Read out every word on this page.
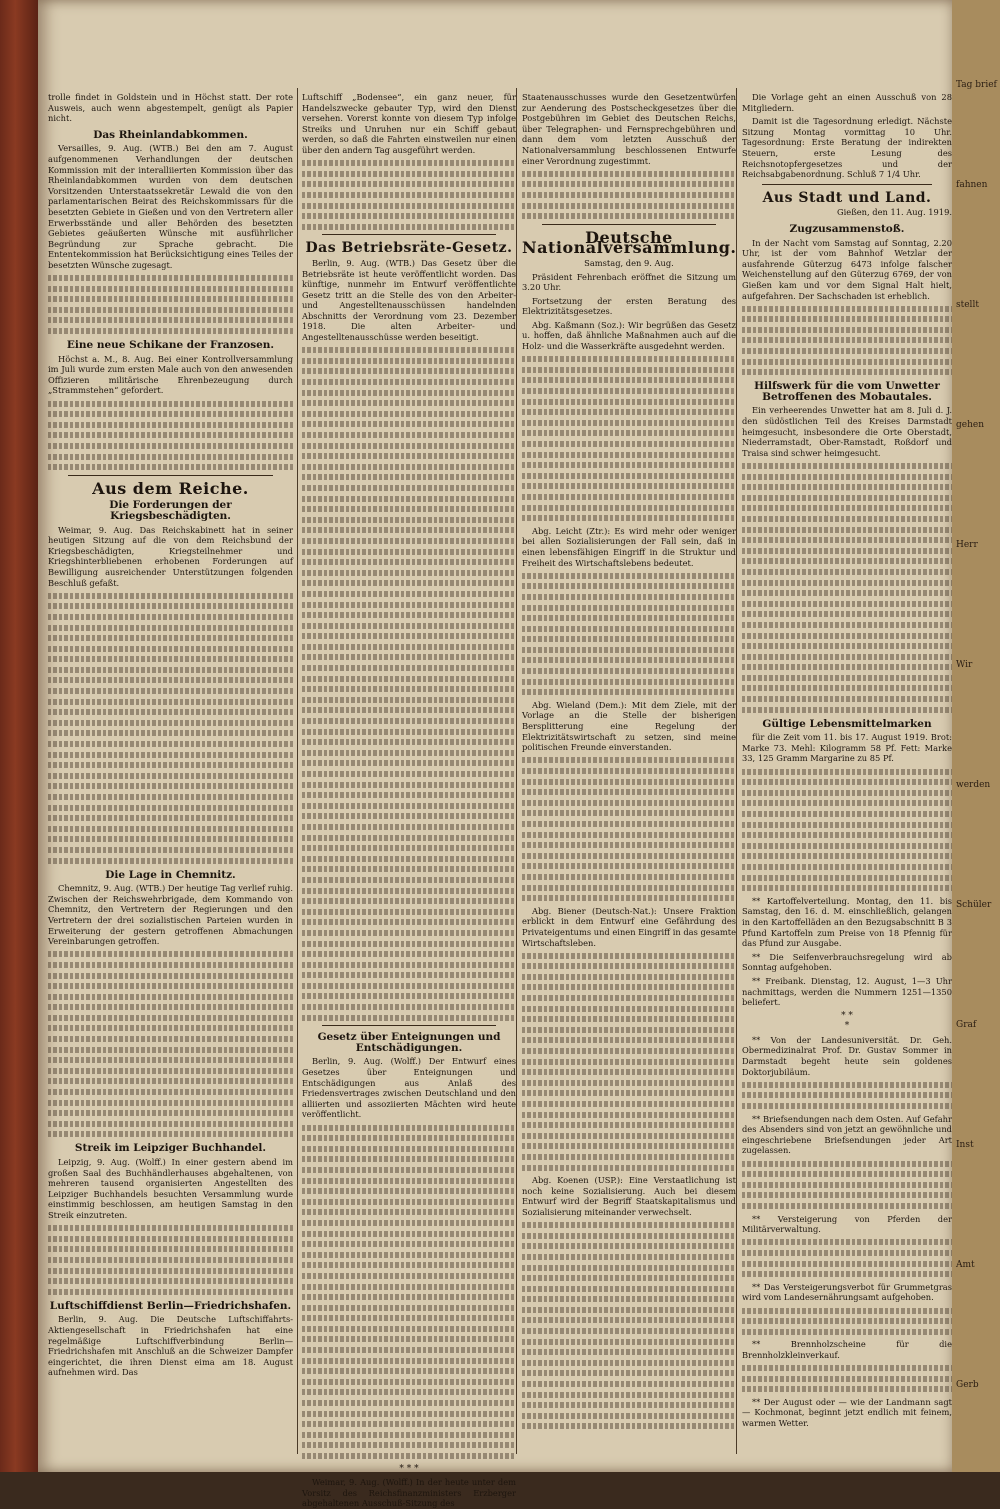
trolle findet in Goldstein und in Höchst statt. Der rote Ausweis, auch wenn abgestempelt, genügt als Papier nicht.

Das Rheinlandabkommen.

Versailles, 9. Aug. (WTB.) Bei den am 7. August aufgenommenen Verhandlungen der deutschen Kommission mit der interalliierten Kommission über das Rheinlandabkommen wurden von dem deutschen Vorsitzenden Unterstaatssekretär Lewald die von den parlamentarischen Beirat des Reichskommissars für die besetzten Gebiete in Gießen und von den Vertretern aller Erwerbsstände und aller Behörden des besetzten Gebietes geäußerten Wünsche mit ausführlicher Begründung zur Sprache gebracht. Die Ententekommission hat Berücksichtigung eines Teiles der besetzten Wünsche zugesagt.

Eine neue Schikane der Franzosen.

Höchst a. M., 8. Aug. Bei einer Kontrollversammlung im Juli wurde zum ersten Male auch von den anwesenden Offizieren militärische Ehrenbezeugung durch „Strammstehen“ gefordert.

Aus dem Reiche.
Die Forderungen der Kriegsbeschädigten.

Weimar, 9. Aug. Das Reichskabinett hat in seiner heutigen Sitzung auf die von dem Reichsbund der Kriegsbeschädigten, Kriegsteilnehmer und Kriegshinterbliebenen erhobenen Forderungen auf Bewilligung ausreichender Unterstützungen folgenden Beschluß gefaßt.

Die Lage in Chemnitz.

Chemnitz, 9. Aug. (WTB.) Der heutige Tag verlief ruhig. Zwischen der Reichswehrbrigade, dem Kommando von Chemnitz, den Vertretern der Regierungen und den Vertretern der drei sozialistischen Parteien wurden in Erweiterung der gestern getroffenen Abmachungen Vereinbarungen getroffen.

Streik im Leipziger Buchhandel.

Leipzig, 9. Aug. (Wolff.) In einer gestern abend im großen Saal des Buchhändlerhauses abgehaltenen, von mehreren tausend organisierten Angestellten des Leipziger Buchhandels besuchten Versammlung wurde einstimmig beschlossen, am heutigen Samstag in den Streik einzutreten.

Luftschiffdienst Berlin—Friedrichshafen.

Berlin, 9. Aug. Die Deutsche Luftschiffahrts-Aktiengesellschaft in Friedrichshafen hat eine regelmäßige Luftschiffverbindung Berlin—Friedrichshafen mit Anschluß an die Schweizer Dampfer eingerichtet, die ihren Dienst eima am 18. August aufnehmen wird. Das

Luftschiff „Bodensee“, ein ganz neuer, für Handelszwecke gebauter Typ, wird den Dienst versehen. Vorerst konnte von diesem Typ infolge Streiks und Unruhen nur ein Schiff gebaut werden, so daß die Fahrten einstweilen nur einen über den andern Tag ausgeführt werden.

Das Betriebsräte-Gesetz.

Berlin, 9. Aug. (WTB.) Das Gesetz über die Betriebsräte ist heute veröffentlicht worden. Das künftige, nunmehr im Entwurf veröffentlichte Gesetz tritt an die Stelle des von den Arbeiter- und Angestelltenausschüssen handelnden Abschnitts der Verordnung vom 23. Dezember 1918. Die alten Arbeiter- und Angestelltenausschüsse werden beseitigt.

Gesetz über Enteignungen und Entschädigungen.

Berlin, 9. Aug. (Wolff.) Der Entwurf eines Gesetzes über Enteignungen und Entschädigungen aus Anlaß des Friedensvertrages zwischen Deutschland und den alliierten und assoziierten Mächten wird heute veröffentlicht.

* * *

Weimar, 9. Aug. (Wolff.) In der heute unter dem Vorsitz des Reichsfinanzministers Erzberger abgehaltenen Ausschuß-Sitzung des

Staatenausschusses wurde den Gesetzentwürfen zur Aenderung des Postscheckgesetzes über die Postgebühren im Gebiet des Deutschen Reichs, über Telegraphen- und Fernsprechgebühren und dann dem vom letzten Ausschuß der Nationalversammlung beschlossenen Entwurfe einer Verordnung zugestimmt.

Deutsche Nationalversammlung.

Samstag, den 9. Aug.

Präsident Fehrenbach eröffnet die Sitzung um 3.20 Uhr.

Fortsetzung der ersten Beratung des Elektrizitätsgesetzes.

Abg. Kaßmann (Soz.): Wir begrüßen das Gesetz u. hoffen, daß ähnliche Maßnahmen auch auf die Holz- und die Wasserkräfte ausgedehnt werden.

Abg. Leicht (Ztr.): Es wird mehr oder weniger bei allen Sozialisierungen der Fall sein, daß in einen lebensfähigen Eingriff in die Struktur und Freiheit des Wirtschaftslebens bedeutet.

Abg. Wieland (Dem.): Mit dem Ziele, mit der Vorlage an die Stelle der bisherigen Bersplitterung eine Regelung der Elektrizitätswirtschaft zu setzen, sind meine politischen Freunde einverstanden.

Abg. Biener (Deutsch-Nat.): Unsere Fraktion erblickt in dem Entwurf eine Gefährdung des Privateigentums und einen Eingriff in das gesamte Wirtschaftsleben.

Abg. Koenen (USP.): Eine Verstaatlichung ist noch keine Sozialisierung. Auch bei diesem Entwurf wird der Begriff Staatskapitalismus und Sozialisierung miteinander verwechselt.

Die Vorlage geht an einen Ausschuß von 28 Mitgliedern.

Damit ist die Tagesordnung erledigt. Nächste Sitzung Montag vormittag 10 Uhr. Tagesordnung: Erste Beratung der indirekten Steuern, erste Lesung des Reichsnotopfergesetzes und der Reichsabgabenordnung. Schluß 7 1/4 Uhr.

Aus Stadt und Land.

Gießen, den 11. Aug. 1919.

Zugzusammenstoß.

In der Nacht vom Samstag auf Sonntag, 2.20 Uhr, ist der vom Bahnhof Wetzlar der ausfahrende Güterzug 6473 infolge falscher Weichenstellung auf den Güterzug 6769, der von Gießen kam und vor dem Signal Halt hielt, aufgefahren. Der Sachschaden ist erheblich.

Hilfswerk für die vom Unwetter Betroffenen des Mobautales.

Ein verheerendes Unwetter hat am 8. Juli d. J. den südöstlichen Teil des Kreises Darmstadt heimgesucht, insbesondere die Orte Oberstadt, Niederramstadt, Ober-Ramstadt, Roßdorf und Traisa sind schwer heimgesucht.

Gültige Lebensmittelmarken

für die Zeit vom 11. bis 17. August 1919. Brot: Marke 73. Mehl: Kilogramm 58 Pf. Fett: Marke 33, 125 Gramm Margarine zu 85 Pf.

** Kartoffelverteilung. Montag, den 11. bis Samstag, den 16. d. M. einschließlich, gelangen in den Kartoffelläden an den Bezugsabschnitt B 3 Pfund Kartoffeln zum Preise von 18 Pfennig für das Pfund zur Ausgabe.

** Die Seifenverbrauchsregelung wird ab Sonntag aufgehoben.

** Freibank. Dienstag, 12. August, 1—3 Uhr nachmittags, werden die Nummern 1251—1350 beliefert.

* *
*

** Von der Landesuniversität. Dr. Geh. Obermedizinalrat Prof. Dr. Gustav Sommer in Darmstadt begeht heute sein goldenes Doktorjubiläum.

** Briefsendungen nach dem Osten. Auf Gefahr des Absenders sind von jetzt an gewöhnliche und eingeschriebene Briefsendungen jeder Art zugelassen.

** Versteigerung von Pferden der Militärverwaltung.

** Das Versteigerungsverbot für Grummetgras wird vom Landesernährungsamt aufgehoben.

** Brennholzscheine für die Brennholzkleinverkauf.

** Der August oder — wie der Landmann sagt — Kochmonat, beginnt jetzt endlich mit feinem, warmen Wetter.

Tag brief
fahnen
stellt
gehen
Herr
Wir
werden
Schüler
Graf
Inst
Amt
Gerb
